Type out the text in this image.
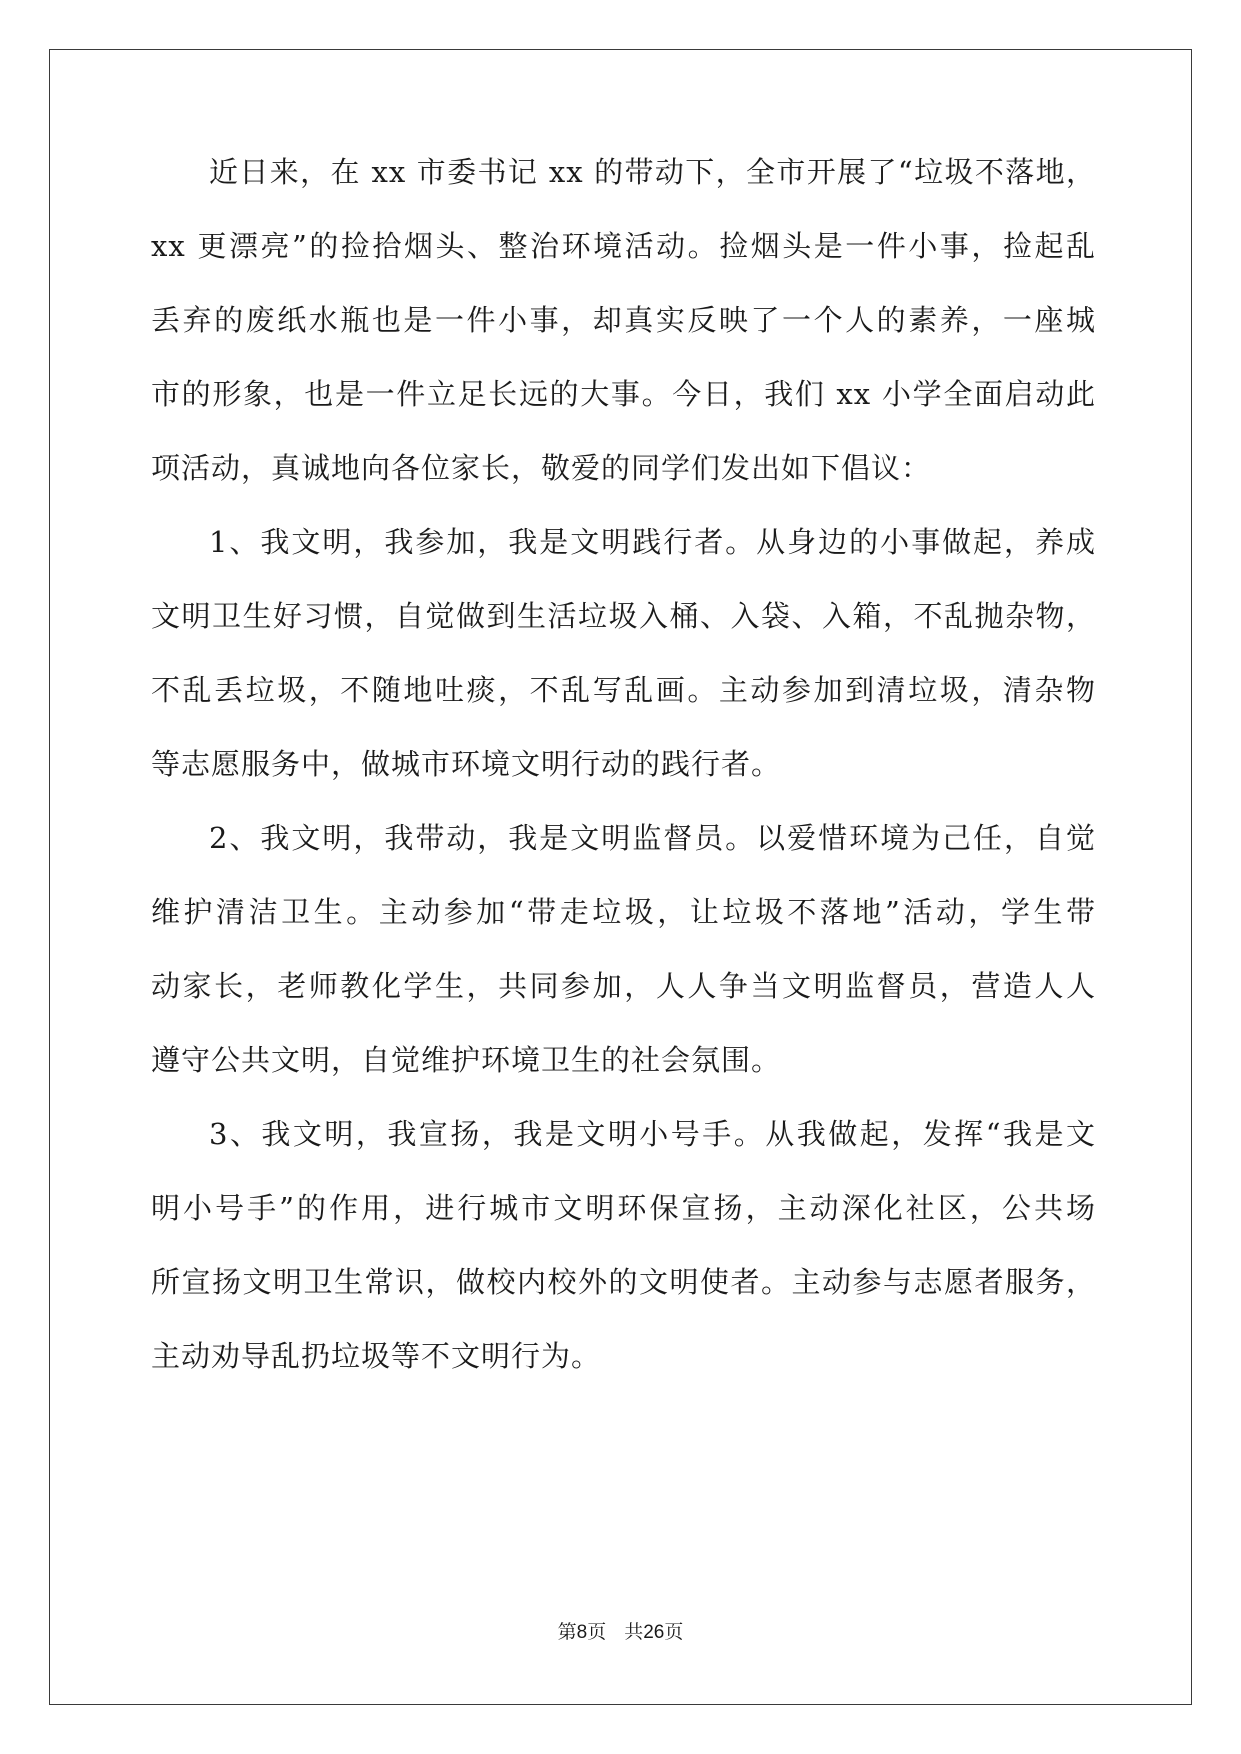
近日来，在 xx 市委书记 xx 的带动下，全市开展了“垃圾不落地，
xx 更漂亮”的捡拾烟头、整治环境活动。捡烟头是一件小事，捡起乱
丢弃的废纸水瓶也是一件小事，却真实反映了一个人的素养，一座城
市的形象，也是一件立足长远的大事。今日，我们 xx 小学全面启动此
项活动，真诚地向各位家长，敬爱的同学们发出如下倡议：
1、我文明，我参加，我是文明践行者。从身边的小事做起，养成
文明卫生好习惯，自觉做到生活垃圾入桶、入袋、入箱，不乱抛杂物，
不乱丢垃圾，不随地吐痰，不乱写乱画。主动参加到清垃圾，清杂物
等志愿服务中，做城市环境文明行动的践行者。
2、我文明，我带动，我是文明监督员。以爱惜环境为己任，自觉
维护清洁卫生。主动参加“带走垃圾，让垃圾不落地”活动，学生带
动家长，老师教化学生，共同参加，人人争当文明监督员，营造人人
遵守公共文明，自觉维护环境卫生的社会氛围。
3、我文明，我宣扬，我是文明小号手。从我做起，发挥“我是文
明小号手”的作用，进行城市文明环保宣扬，主动深化社区，公共场
所宣扬文明卫生常识，做校内校外的文明使者。主动参与志愿者服务，
主动劝导乱扔垃圾等不文明行为。
第8页 共26页
